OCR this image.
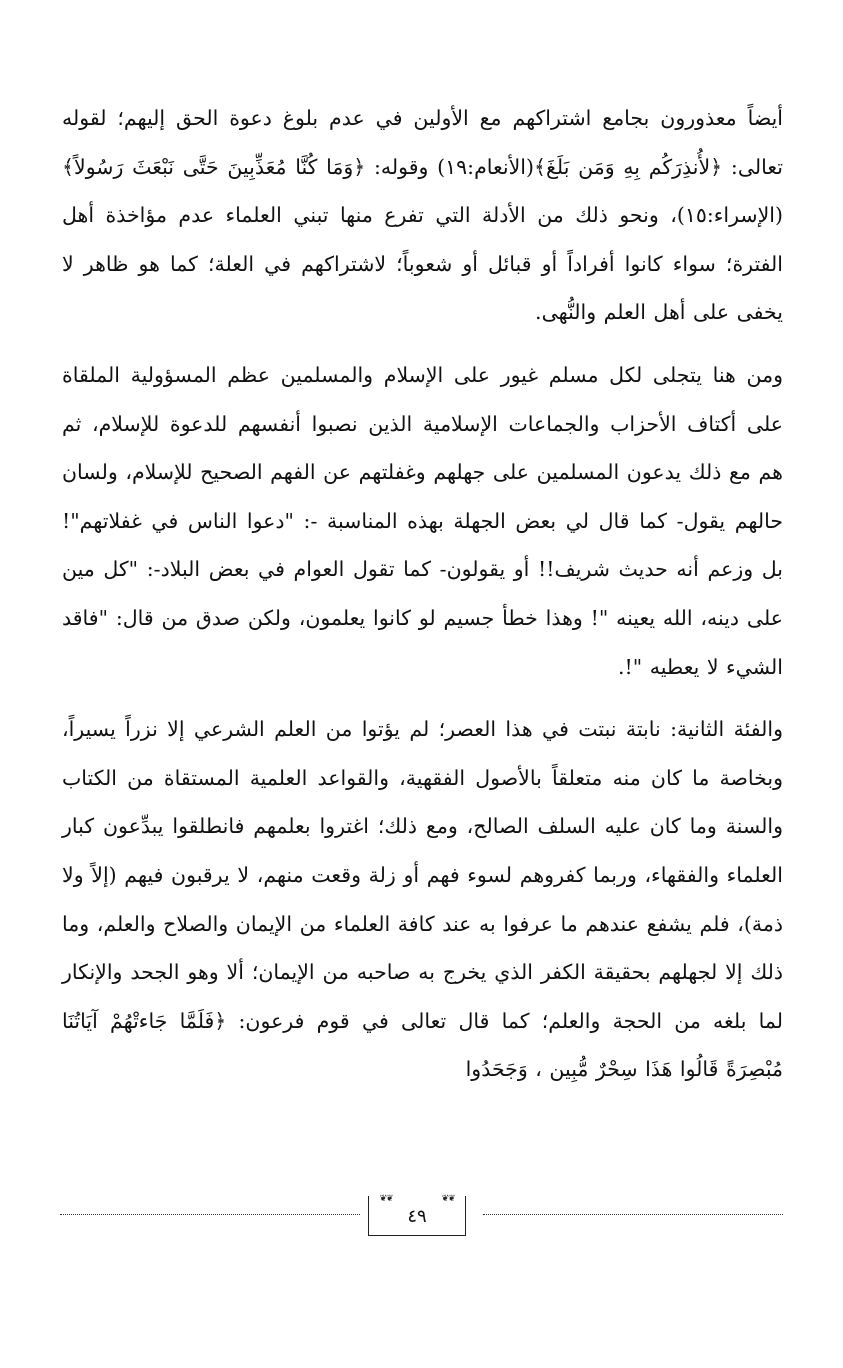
أيضاً معذورون بجامع اشتراكهم مع الأولين في عدم بلوغ دعوة الحق إليهم؛ لقوله تعالى: ﴿لأُنذِرَكُم بِهِ وَمَن بَلَغَ﴾(الأنعام:١٩) وقوله: ﴿وَمَا كُنَّا مُعَذِّبِينَ حَتَّى نَبْعَثَ رَسُولاً﴾(الإسراء:١٥)، ونحو ذلك من الأدلة التي تفرع منها تبني العلماء عدم مؤاخذة أهل الفترة؛ سواء كانوا أفراداً أو قبائل أو شعوباً؛ لاشتراكهم في العلة؛ كما هو ظاهر لا يخفى على أهل العلم والنُّهى.

ومن هنا يتجلى لكل مسلم غيور على الإسلام والمسلمين عظم المسؤولية الملقاة على أكتاف الأحزاب والجماعات الإسلامية الذين نصبوا أنفسهم للدعوة للإسلام، ثم هم مع ذلك يدعون المسلمين على جهلهم وغفلتهم عن الفهم الصحيح للإسلام، ولسان حالهم يقول- كما قال لي بعض الجهلة بهذه المناسبة -: "دعوا الناس في غفلاتهم"! بل وزعم أنه حديث شريف!! أو يقولون- كما تقول العوام في بعض البلاد-: "كل مين على دينه، الله يعينه "! وهذا خطأ جسيم لو كانوا يعلمون، ولكن صدق من قال: "فاقد الشيء لا يعطيه "!.

والفئة الثانية: نابتة نبتت في هذا العصر؛ لم يؤتوا من العلم الشرعي إلا نزراً يسيراً، وبخاصة ما كان منه متعلقاً بالأصول الفقهية، والقواعد العلمية المستقاة من الكتاب والسنة وما كان عليه السلف الصالح، ومع ذلك؛ اغتروا بعلمهم فانطلقوا يبدِّعون كبار العلماء والفقهاء، وربما كفروهم لسوء فهم أو زلة وقعت منهم، لا يرقبون فيهم (إلاً ولا ذمة)، فلم يشفع عندهم ما عرفوا به عند كافة العلماء من الإيمان والصلاح والعلم، وما ذلك إلا لجهلهم بحقيقة الكفر الذي يخرج به صاحبه من الإيمان؛ ألا وهو الجحد والإنكار لما بلغه من الحجة والعلم؛ كما قال تعالى في قوم فرعون: ﴿فَلَمَّا جَاءتْهُمْ آيَاتُنَا مُبْصِرَةً قَالُوا هَذَا سِحْرٌ مُّبِين ، وَجَحَدُوا

❦❦	❦❦
٤٩
